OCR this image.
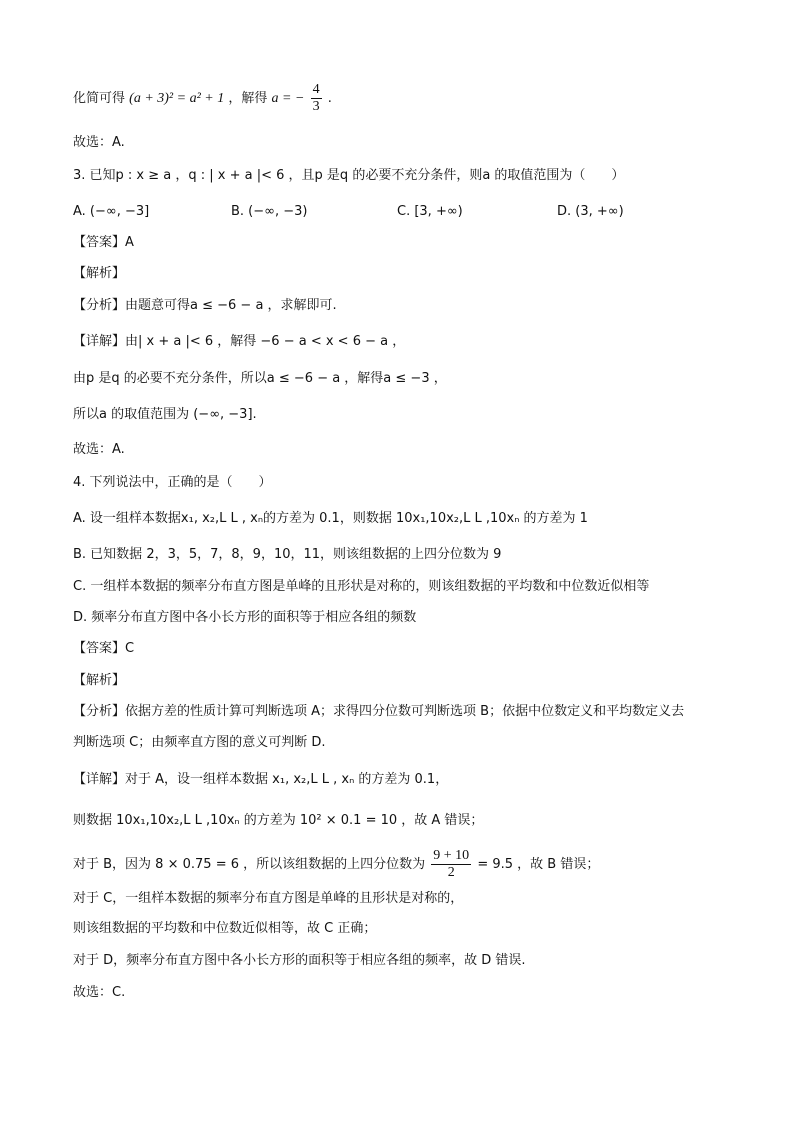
化简可得 (a + 3)² = a² + 1 ，解得 a = − $\frac{4}{3}$ .
故选：A.
3. 已知p : x ≥ a ，q : | x + a |< 6 ，且p 是q 的必要不充分条件，则a 的取值范围为（　　）
A. (−∞, −3]	B. (−∞, −3)	C. [3, +∞)	D. (3, +∞)
【答案】A
【解析】
【分析】由题意可得a ≤ −6 − a ，求解即可.
【详解】由| x + a |< 6 ，解得 −6 − a < x < 6 − a ，
由p 是q 的必要不充分条件，所以a ≤ −6 − a ，解得a ≤ −3 ，
所以a 的取值范围为 (−∞, −3].
故选：A.
4. 下列说法中，正确的是（　　）
A. 设一组样本数据x₁, x₂,L L , xₙ的方差为 0.1，则数据 10x₁,10x₂,L L ,10xₙ 的方差为 1
B. 已知数据 2，3，5，7，8，9，10，11，则该组数据的上四分位数为 9
C. 一组样本数据的频率分布直方图是单峰的且形状是对称的，则该组数据的平均数和中位数近似相等
D. 频率分布直方图中各小长方形的面积等于相应各组的频数
【答案】C
【解析】
【分析】依据方差的性质计算可判断选项 A；求得四分位数可判断选项 B；依据中位数定义和平均数定义去
判断选项 C；由频率直方图的意义可判断 D.
【详解】对于 A，设一组样本数据 x₁, x₂,L L , xₙ 的方差为 0.1，
则数据 10x₁,10x₂,L L ,10xₙ 的方差为 10² × 0.1 = 10 ，故 A 错误；
对于 B，因为 8 × 0.75 = 6 ，所以该组数据的上四分位数为 $\frac{9 + 10}{2} = 9.5$ ，故 B 错误；
对于 C，一组样本数据的频率分布直方图是单峰的且形状是对称的，
则该组数据的平均数和中位数近似相等，故 C 正确；
对于 D，频率分布直方图中各小长方形的面积等于相应各组的频率，故 D 错误.
故选：C.
